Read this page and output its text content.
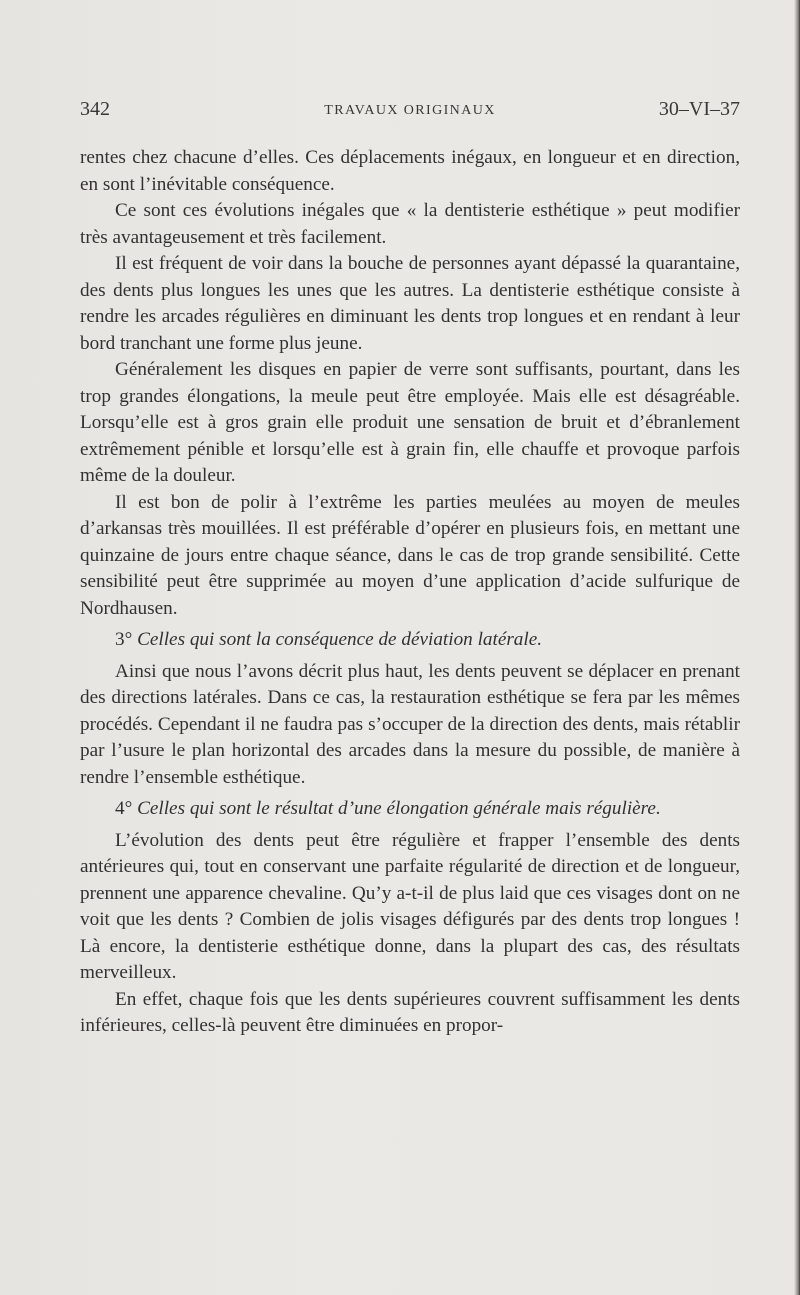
342	TRAVAUX ORIGINAUX	30–VI–37

rentes chez chacune d’elles. Ces déplacements inégaux, en longueur et en direction, en sont l’inévitable conséquence.

Ce sont ces évolutions inégales que « la dentisterie esthétique » peut modifier très avantageusement et très facilement.

Il est fréquent de voir dans la bouche de personnes ayant dépassé la quarantaine, des dents plus longues les unes que les autres. La dentisterie esthétique consiste à rendre les arcades régulières en diminuant les dents trop longues et en rendant à leur bord tranchant une forme plus jeune.

Généralement les disques en papier de verre sont suffisants, pourtant, dans les trop grandes élongations, la meule peut être employée. Mais elle est désagréable. Lorsqu’elle est à gros grain elle produit une sensation de bruit et d’ébranlement extrêmement pénible et lorsqu’elle est à grain fin, elle chauffe et provoque parfois même de la douleur.

Il est bon de polir à l’extrême les parties meulées au moyen de meules d’arkansas très mouillées. Il est préférable d’opérer en plusieurs fois, en mettant une quinzaine de jours entre chaque séance, dans le cas de trop grande sensibilité. Cette sensibilité peut être supprimée au moyen d’une application d’acide sulfurique de Nordhausen.

3° Celles qui sont la conséquence de déviation latérale.

Ainsi que nous l’avons décrit plus haut, les dents peuvent se déplacer en prenant des directions latérales. Dans ce cas, la restauration esthétique se fera par les mêmes procédés. Cependant il ne faudra pas s’occuper de la direction des dents, mais rétablir par l’usure le plan horizontal des arcades dans la mesure du possible, de manière à rendre l’ensemble esthétique.

4° Celles qui sont le résultat d’une élongation générale mais régulière.

L’évolution des dents peut être régulière et frapper l’ensemble des dents antérieures qui, tout en conservant une parfaite régularité de direction et de longueur, prennent une apparence chevaline. Qu’y a-t-il de plus laid que ces visages dont on ne voit que les dents ? Combien de jolis visages défigurés par des dents trop longues ! Là encore, la dentisterie esthétique donne, dans la plupart des cas, des résultats merveilleux.

En effet, chaque fois que les dents supérieures couvrent suffisamment les dents inférieures, celles-là peuvent être diminuées en propor-
